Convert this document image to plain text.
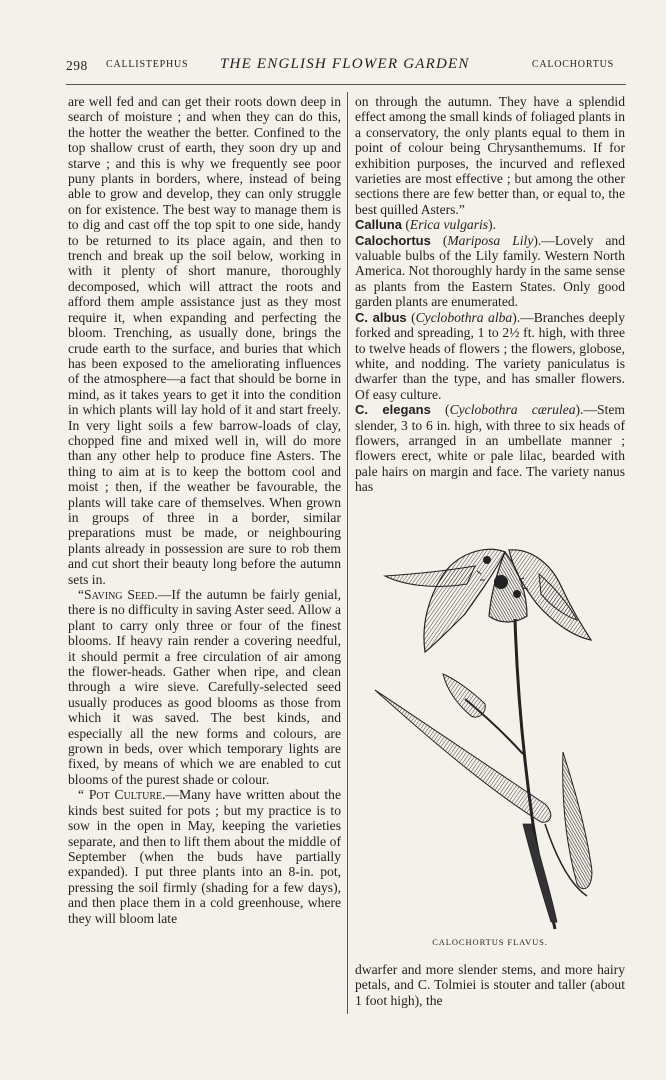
298 CALLISTEPHUS THE ENGLISH FLOWER GARDEN	CALOCHORTUS

are well fed and can get their roots down deep in search of moisture ; and when they can do this, the hotter the weather the better. Confined to the top shallow crust of earth, they soon dry up and starve ; and this is why we frequently see poor puny plants in borders, where, instead of being able to grow and develop, they can only struggle on for existence. The best way to manage them is to dig and cast off the top spit to one side, handy to be returned to its place again, and then to trench and break up the soil below, working in with it plenty of short manure, thoroughly decomposed, which will attract the roots and afford them ample assistance just as they most require it, when expanding and perfecting the bloom. Trenching, as usually done, brings the crude earth to the surface, and buries that which has been exposed to the ameliorating influences of the atmosphere—a fact that should be borne in mind, as it takes years to get it into the condition in which plants will lay hold of it and start freely. In very light soils a few barrow-loads of clay, chopped fine and mixed well in, will do more than any other help to produce fine Asters. The thing to aim at is to keep the bottom cool and moist ; then, if the weather be favourable, the plants will take care of themselves. When grown in groups of three in a border, similar preparations must be made, or neighbouring plants already in possession are sure to rob them and cut short their beauty long before the autumn sets in.

“Saving Seed.—If the autumn be fairly genial, there is no difficulty in saving Aster seed. Allow a plant to carry only three or four of the finest blooms. If heavy rain render a covering needful, it should permit a free circulation of air among the flower-heads. Gather when ripe, and clean through a wire sieve. Carefully-selected seed usually produces as good blooms as those from which it was saved. The best kinds, and especially all the new forms and colours, are grown in beds, over which temporary lights are fixed, by means of which we are enabled to cut blooms of the purest shade or colour.

“ Pot Culture.—Many have written about the kinds best suited for pots ; but my practice is to sow in the open in May, keeping the varieties separate, and then to lift them about the middle of September (when the buds have partially expanded). I put three plants into an 8-in. pot, pressing the soil firmly (shading for a few days), and then place them in a cold greenhouse, where they will bloom late

on through the autumn. They have a splendid effect among the small kinds of foliaged plants in a conservatory, the only plants equal to them in point of colour being Chrysanthemums. If for exhibition purposes, the incurved and reflexed varieties are most effective ; but among the other sections there are few better than, or equal to, the best quilled Asters.”

Calluna (Erica vulgaris).

Calochortus (Mariposa Lily).—Lovely and valuable bulbs of the Lily family. Western North America. Not thoroughly hardy in the same sense as plants from the Eastern States. Only good garden plants are enumerated.

C. albus (Cyclobothra alba).—Branches deeply forked and spreading, 1 to 2½ ft. high, with three to twelve heads of flowers ; the flowers, globose, white, and nodding. The variety paniculatus is dwarfer than the type, and has smaller flowers. Of easy culture.

C. elegans (Cyclobothra cærulea).—Stem slender, 3 to 6 in. high, with three to six heads of flowers, arranged in an umbellate manner ; flowers erect, white or pale lilac, bearded with pale hairs on margin and face. The variety nanus has

CALOCHORTUS FLAVUS.

dwarfer and more slender stems, and more hairy petals, and C. Tolmiei is stouter and taller (about 1 foot high), the
